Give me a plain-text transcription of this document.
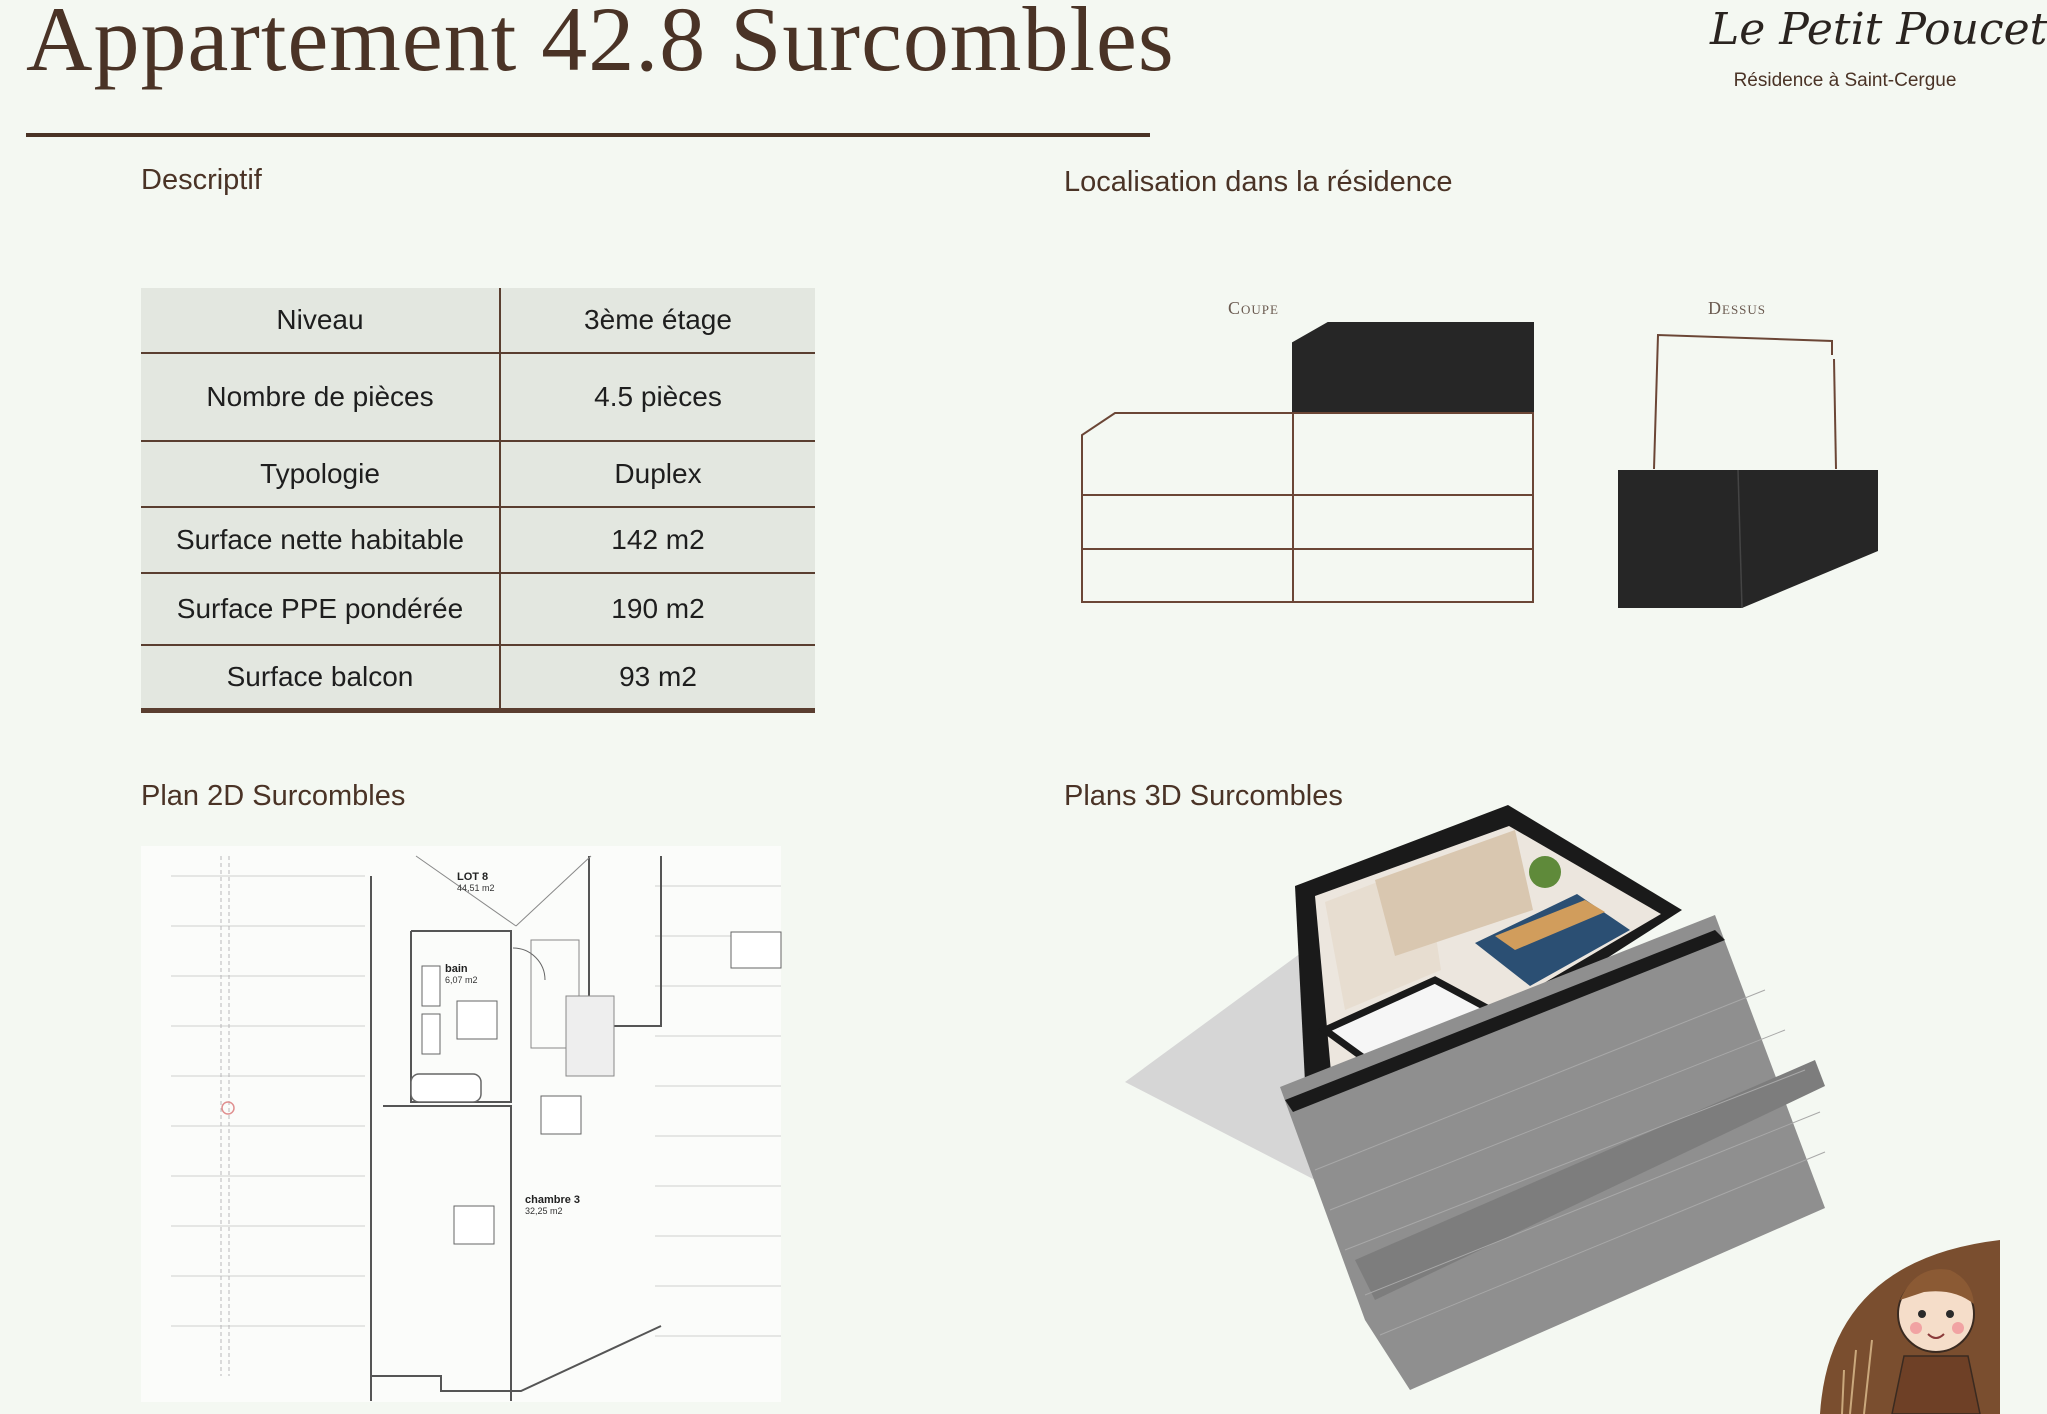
Appartement 42.8 Surcombles	Le Petit Poucet
Résidence à Saint-Cergue
Descriptif	Localisation dans la résidence
Plan 2D Surcombles	Plans 3D Surcombles
Niveau	3ème étage
Nombre de pièces	4.5 pièces
Typologie	Duplex
Surface nette habitable	142 m2
Surface PPE pondérée	190 m2
Surface balcon	93 m2
Coupe	Dessus
LOT 8
44,51 m2
bain
6,07 m2
chambre 3
32,25 m2
